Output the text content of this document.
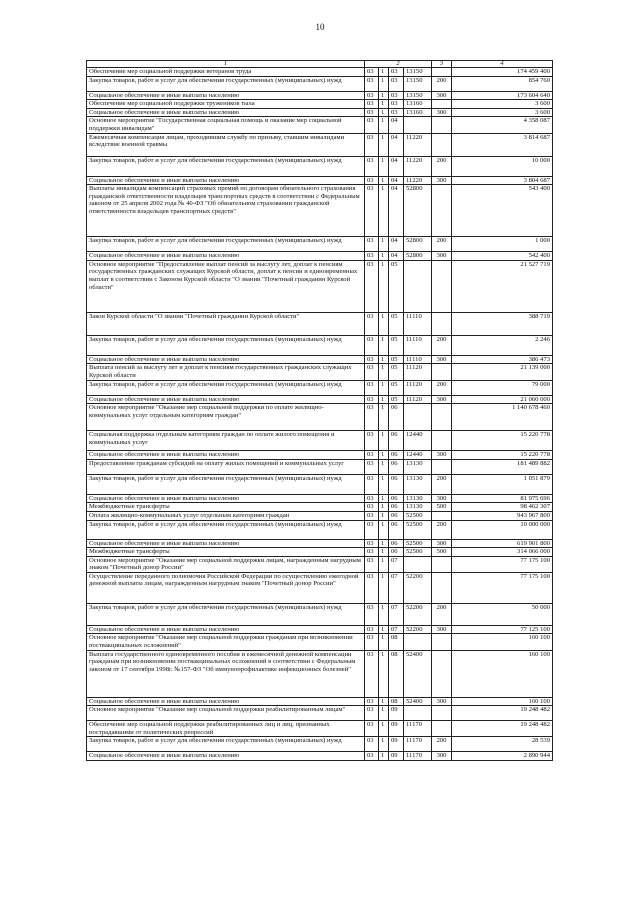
10
1	2				3	4
Обеспечение мер социальной поддержки ветеранов труда	03	1	03	13150		174 459 400
Закупка товаров, работ и услуг для обеспечения государственных (муниципальных) нужд	03	1	03	13150	200	854 760
Социальное обеспечение и иные выплаты населению	03	1	03	13150	300	173 604 640
Обеспечение мер социальной поддержки тружеников тыла	03	1	03	13160		3 600
Социальное обеспечение и иные выплаты населению	03	1	03	13160	300	3 600
Основное мероприятие "Государственная социальная помощь и оказание мер социальной поддержки инвалидам"	03	1	04			4 358 087
Ежемесячная компенсация лицам, проходившим службу по призыву, ставшим инвалидами вследствие военной травмы	03	1	04	11220		3 814 687
Закупка товаров, работ и услуг для обеспечения государственных (муниципальных) нужд	03	1	04	11220	200	10 000
Социальное обеспечение и иные выплаты населению	03	1	04	11220	300	3 804 687
Выплаты инвалидам компенсаций страховых премий по договорам обязательного страхования гражданской ответственности владельцев транспортных средств в соответствии с Федеральным законом от 25 апреля 2002 года № 40-ФЗ "Об обязательном страховании гражданской ответственности владельцев транспортных средств"	03	1	04	52800		543 400
Закупка товаров, работ и услуг для обеспечения государственных (муниципальных) нужд	03	1	04	52800	200	1 000
Социальное обеспечение и иные выплаты населению	03	1	04	52800	300	542 400
Основное мероприятие "Предоставление выплат пенсий за выслугу лет, доплат к пенсиям государственных гражданских служащих Курской области, доплат к пенсии и единовременных выплат в соответствии с Законом Курской области "О звании "Почетный гражданин Курской области"	03	1	05			21 527 719
Закон Курской области "О звании "Почетный гражданин Курской области"	03	1	05	11110		388 719
Закупка товаров, работ и услуг для обеспечения государственных (муниципальных) нужд	03	1	05	11110	200	2 246
Социальное обеспечение и иные выплаты населению	03	1	05	11110	300	386 473
Выплата пенсий за выслугу лет и доплат к пенсиям государственных гражданских служащих Курской области	03	1	05	11120		21 139 000
Закупка товаров, работ и услуг для обеспечения государственных (муниципальных) нужд	03	1	05	11120	200	79 000
Социальное обеспечение и иные выплаты населению	03	1	05	11120	300	21 060 000
Основное мероприятие "Оказание мер социальной поддержки по оплате жилищно-коммунальных услуг отдельным категориям граждан"	03	1	06			1 140 678 460
Социальная поддержка отдельным категориям граждан по оплате жилого помещения и коммунальных услуг	03	1	06	12440		15 220 778
Социальное обеспечение и иные выплаты населению	03	1	06	12440	300	15 220 778
Предоставление гражданам субсидий на оплату жилых помещений и коммунальных услуг	03	1	06	13130		181 489 882
Закупка товаров, работ и услуг для обеспечения государственных (муниципальных) нужд	03	1	06	13130	200	1 051 879
Социальное обеспечение и иные выплаты населению	03	1	06	13130	300	81 975 696
Межбюджетные трансферты	03	1	06	13130	500	98 462 307
Оплата жилищно-коммунальных услуг отдельным категориям граждан	03	1	06	52500		943 967 800
Закупка товаров, работ и услуг для обеспечения государственных (муниципальных) нужд	03	1	06	52500	200	10 000 000
Социальное обеспечение и иные выплаты населению	03	1	06	52500	300	619 901 800
Межбюджетные трансферты	03	1	06	52500	500	314 066 000
Основное мероприятие "Оказание мер социальной поддержки лицам, награжденным нагрудным знаком "Почетный донор России"	03	1	07			77 175 100
Осуществление переданного полномочия Российской Федерации по осуществлению ежегодной денежной выплаты лицам, награжденным нагрудным знаком "Почетный донор России"	03	1	07	52200		77 175 100
Закупка товаров, работ и услуг для обеспечения государственных (муниципальных) нужд	03	1	07	52200	200	50 000
Социальное обеспечение и иные выплаты населению	03	1	07	52200	300	77 125 100
Основное мероприятие "Оказание мер социальной поддержки гражданам при возникновении поствакцинальных осложнений"	03	1	08			160 100
Выплата государственного единовременного пособия и ежемесячной денежной компенсации гражданам при возникновении поствакцинальных осложнений в соответствии с Федеральным законом от 17 сентября 1998г. №157-ФЗ "Об иммунопрофилактике инфекционных болезней"	03	1	08	52400		160 100
Социальное обеспечение и иные выплаты населению	03	1	08	52400	300	160 100
Основное мероприятие "Оказание мер социальной поддержки реабилитированным лицам"	03	1	09			19 248 482
Обеспечение мер социальной поддержки реабилитированных лиц и лиц, признанных пострадавшими от политических репрессий	03	1	09	11170		19 248 482
Закупка товаров, работ и услуг для обеспечения государственных (муниципальных) нужд	03	1	09	11170	200	28 539
Социальное обеспечение и иные выплаты населению	03	1	09	11170	300	2 890 944
